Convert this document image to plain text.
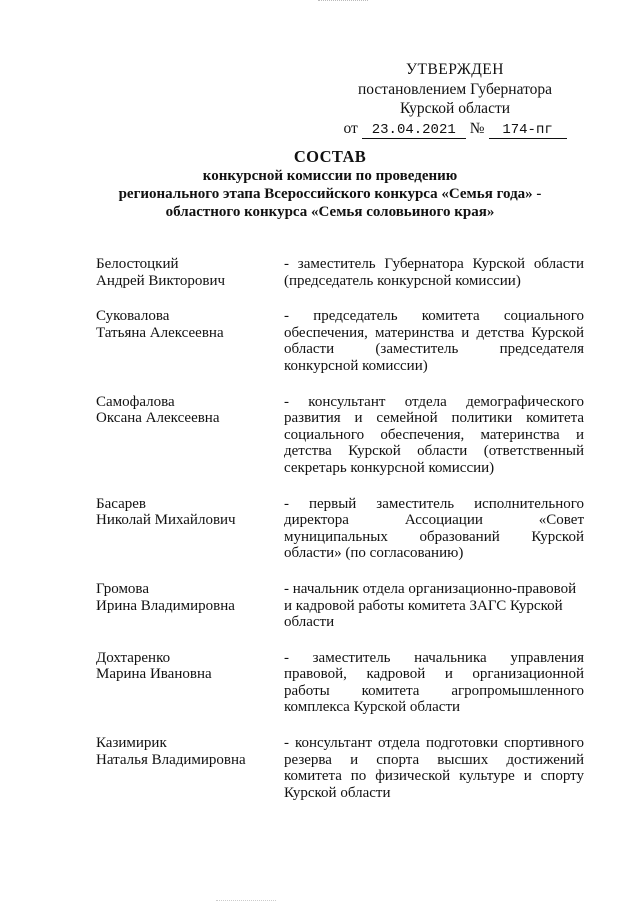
УТВЕРЖДЕН
постановлением Губернатора
Курской области
от 23.04.2021 №	174-пг
СОСТАВ
конкурсной комиссии по проведению
регионального этапа Всероссийского конкурса «Семья года» -
областного конкурса «Семья соловьиного края»
Белостоцкий
Андрей Викторович
- заместитель Губернатора Курской области (председатель конкурсной комиссии)
Суковалова
Татьяна Алексеевна
- председатель комитета социального обеспечения, материнства и детства Курской области (заместитель председателя конкурсной комиссии)
Самофалова
Оксана Алексеевна
- консультант отдела демографического развития и семейной политики комитета социального обеспечения, материнства и детства Курской области (ответственный секретарь конкурсной комиссии)
Басарев
Николай Михайлович
- первый заместитель исполнительного директора Ассоциации «Совет муниципальных образований Курской области» (по согласованию)
Громова
Ирина Владимировна
- начальник отдела организационно-правовой и кадровой работы комитета ЗАГС Курской области
Дохтаренко
Марина Ивановна
- заместитель начальника управления правовой, кадровой и организационной работы комитета агропромышленного комплекса Курской области
Казимирик
Наталья Владимировна
- консультант отдела подготовки спортивного резерва и спорта высших достижений комитета по физической культуре и спорту Курской области
